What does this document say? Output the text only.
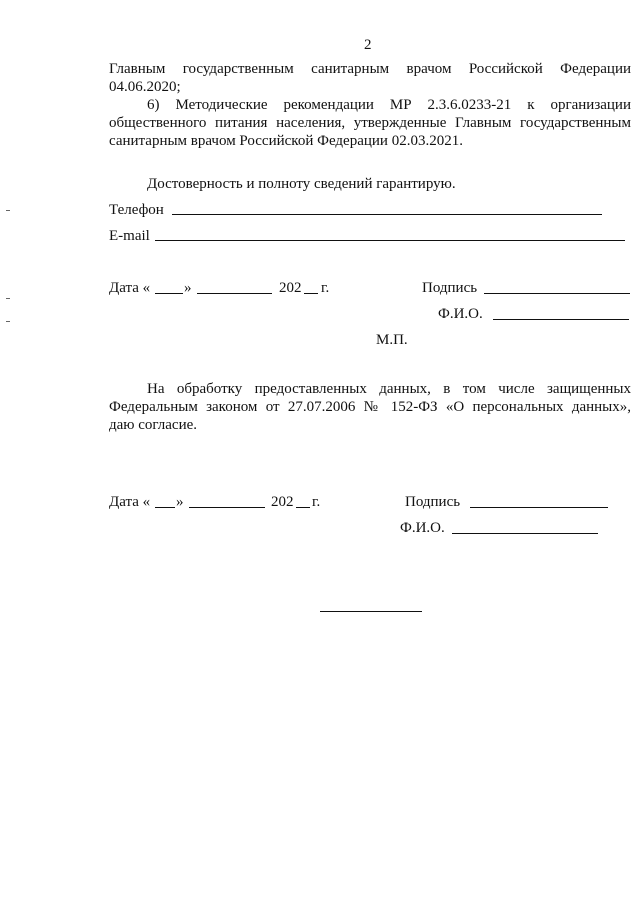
2
Главным государственным санитарным врачом Российской Федерации
04.06.2020;
6) Методические рекомендации МР 2.3.6.0233-21 к организации
общественного питания населения, утвержденные Главным государственным
санитарным врачом Российской Федерации 02.03.2021.
Достоверность и полноту сведений гарантирую.
Телефон
E-mail
Дата « »	202 г.	Подпись
Ф.И.О.
М.П.
На обработку предоставленных данных, в том числе защищенных
Федеральным законом от 27.07.2006 № 152-ФЗ «О персональных данных»,
даю согласие.
Дата « »	202 г.	Подпись
Ф.И.О.
